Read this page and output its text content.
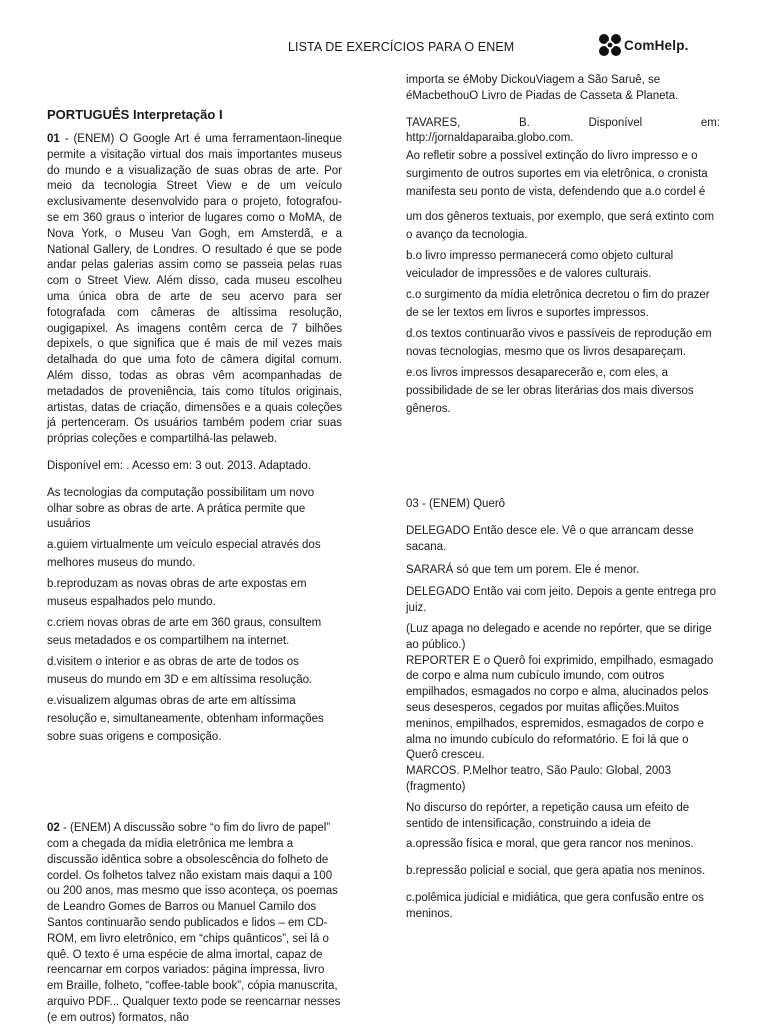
LISTA DE EXERCÍCIOS PARA O ENEM	ComHelp.
PORTUGUÊS Interpretação I

01 - (ENEM) O Google Art é uma ferramentaon-lineque permite a visitação virtual dos mais importantes museus do mundo e a visualização de suas obras de arte. Por meio da tecnologia Street View e de um veículo exclusivamente desenvolvido para o projeto, fotografou-se em 360 graus o interior de lugares como o MoMA, de Nova York, o Museu Van Gogh, em Amsterdã, e a National Gallery, de Londres. O resultado é que se pode andar pelas galerias assim como se passeia pelas ruas com o Street View. Além disso, cada museu escolheu uma única obra de arte de seu acervo para ser fotografada com câmeras de altíssima resolução, ougigapixel. As imagens contêm cerca de 7 bilhões depixels, o que significa que é mais de mil vezes mais detalhada do que uma foto de câmera digital comum. Além disso, todas as obras vêm acompanhadas de metadados de proveniência, tais como títulos originais, artistas, datas de criação, dimensões e a quais coleções já pertenceram. Os usuários também podem criar suas próprias coleções e compartilhá-las pelaweb.

Disponível em: . Acesso em: 3 out. 2013. Adaptado.

As tecnologias da computação possibilitam um novo olhar sobre as obras de arte. A prática permite que usuários

a.guiem virtualmente um veículo especial através dos melhores museus do mundo.

b.reproduzam as novas obras de arte expostas em museus espalhados pelo mundo.

c.criem novas obras de arte em 360 graus, consultem seus metadados e os compartilhem na internet.

d.visitem o interior e as obras de arte de todos os museus do mundo em 3D e em altíssima resolução.

e.visualizem algumas obras de arte em altíssima resolução e, simultaneamente, obtenham informações sobre suas origens e composição.

02 - (ENEM) A discussão sobre “o fim do livro de papel” com a chegada da mídia eletrônica me lembra a discussão idêntica sobre a obsolescência do folheto de cordel. Os folhetos talvez não existam mais daqui a 100 ou 200 anos, mas mesmo que isso aconteça, os poemas de Leandro Gomes de Barros ou Manuel Camilo dos Santos continuarão sendo publicados e lidos – em CD-ROM, em livro eletrônico, em “chips quânticos”, sei lá o quê. O texto é uma espécie de alma imortal, capaz de reencarnar em corpos variados: página impressa, livro em Braille, folheto, “coffee-table book”, cópia manuscrita, arquivo PDF... Qualquer texto pode se reencarnar nesses (e em outros) formatos, não

importa se éMoby DickouViagem a São Saruê, se éMacbethouO Livro de Piadas de Casseta & Planeta.

TAVARES,	B.	Disponível	em:

http://jornaldaparaiba.globo.com.

Ao refletir sobre a possível extinção do livro impresso e o surgimento de outros suportes em via eletrônica, o cronista manifesta seu ponto de vista, defendendo que a.o cordel é

um dos gêneros textuais, por exemplo, que será extinto com o avanço da tecnologia.

b.o livro impresso permanecerá como objeto cultural veiculador de impressões e de valores culturais.

c.o surgimento da mídia eletrônica decretou o fim do prazer de se ler textos em livros e suportes impressos.

d.os textos continuarão vivos e passíveis de reprodução em novas tecnologias, mesmo que os livros desapareçam.

e.os livros impressos desaparecerão e, com eles, a possibilidade de se ler obras literárias dos mais diversos gêneros.

03 - (ENEM) Querô

DELEGADO Então desce ele. Vê o que arrancam desse sacana.

SARARÁ só que tem um porem. Ele é menor.

DELEGADO Então vai com jeito. Depois a gente entrega pro juiz.

(Luz apaga no delegado e acende no repórter, que se dirige ao público.)

REPORTER E o Querô foi exprimido, empilhado, esmagado de corpo e alma num cubículo imundo, com outros empilhados, esmagados no corpo e alma, alucinados pelos seus desesperos, cegados por muitas aflições.Muitos meninos, empilhados, espremidos, esmagados de corpo e alma no imundo cubículo do reformatório. E foi lá que o Querô cresceu.

MARCOS. P.Melhor teatro, São Paulo: Global, 2003 (fragmento)

No discurso do repórter, a repetição causa um efeito de sentido de intensificação, construindo a ideia de

a.opressão física e moral, que gera rancor nos meninos.

b.repressão policial e social, que gera apatia nos meninos.

c.polêmica judicial e midiática, que gera confusão entre os meninos.
